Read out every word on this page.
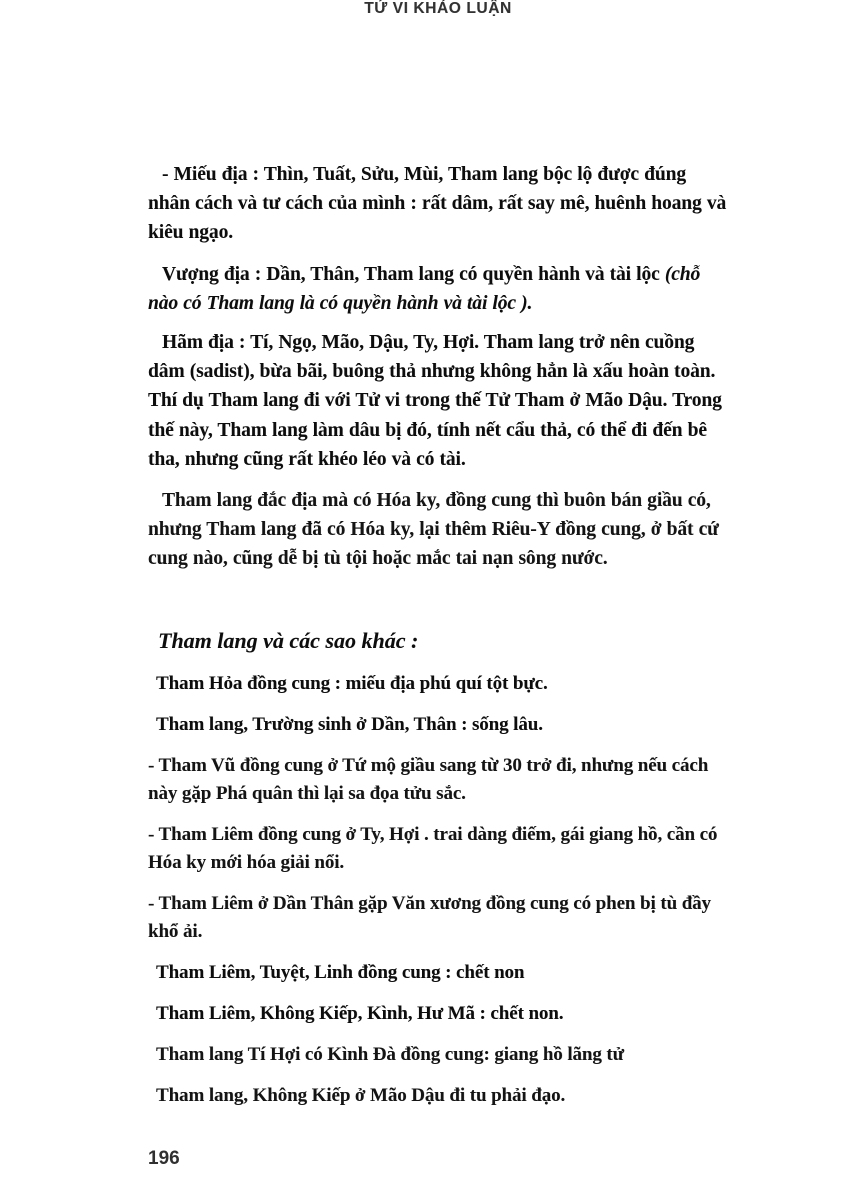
TỬ VI KHẢO LUẬN

- Miếu địa : Thìn, Tuất, Sửu, Mùi, Tham lang bộc lộ được đúng nhân cách và tư cách của mình : rất dâm, rất say mê, huênh hoang và kiêu ngạo.

Vượng địa : Dần, Thân, Tham lang có quyền hành và tài lộc (chỗ nào có Tham lang là có quyền hành và tài lộc ).

Hãm địa : Tí, Ngọ, Mão, Dậu, Ty, Hợi. Tham lang trở nên cuồng dâm (sadist), bừa bãi, buông thả nhưng không hẳn là xấu hoàn toàn. Thí dụ Tham lang đi với Tử vi trong thế Tử Tham ở Mão Dậu. Trong thế này, Tham lang làm dâu bị đó, tính nết cẩu thả, có thể đi đến bê tha, nhưng cũng rất khéo léo và có tài.

Tham lang đắc địa mà có Hóa ky, đồng cung thì buôn bán giầu có, nhưng Tham lang đã có Hóa ky, lại thêm Riêu-Y đồng cung, ở bất cứ cung nào, cũng dễ bị tù tội hoặc mắc tai nạn sông nước.

Tham lang và các sao khác :

Tham Hỏa đồng cung : miếu địa phú quí tột bực.

Tham lang, Trường sinh ở Dần, Thân : sống lâu.

- Tham Vũ đồng cung ở Tứ mộ giầu sang từ 30 trở đi, nhưng nếu cách này gặp Phá quân thì lại sa đọa tửu sắc.

- Tham Liêm đồng cung ở Ty, Hợi . trai dàng điếm, gái giang hồ, cần có Hóa ky mới hóa giải nổi.

- Tham Liêm ở Dần Thân gặp Văn xương đồng cung có phen bị tù đầy khổ ải.

Tham Liêm, Tuyệt, Linh đồng cung : chết non

Tham Liêm, Không Kiếp, Kình, Hư Mã : chết non.

Tham lang Tí Hợi có Kình Đà đồng cung: giang hồ lãng tử

Tham lang, Không Kiếp ở Mão Dậu đi tu phải đạo.

196
